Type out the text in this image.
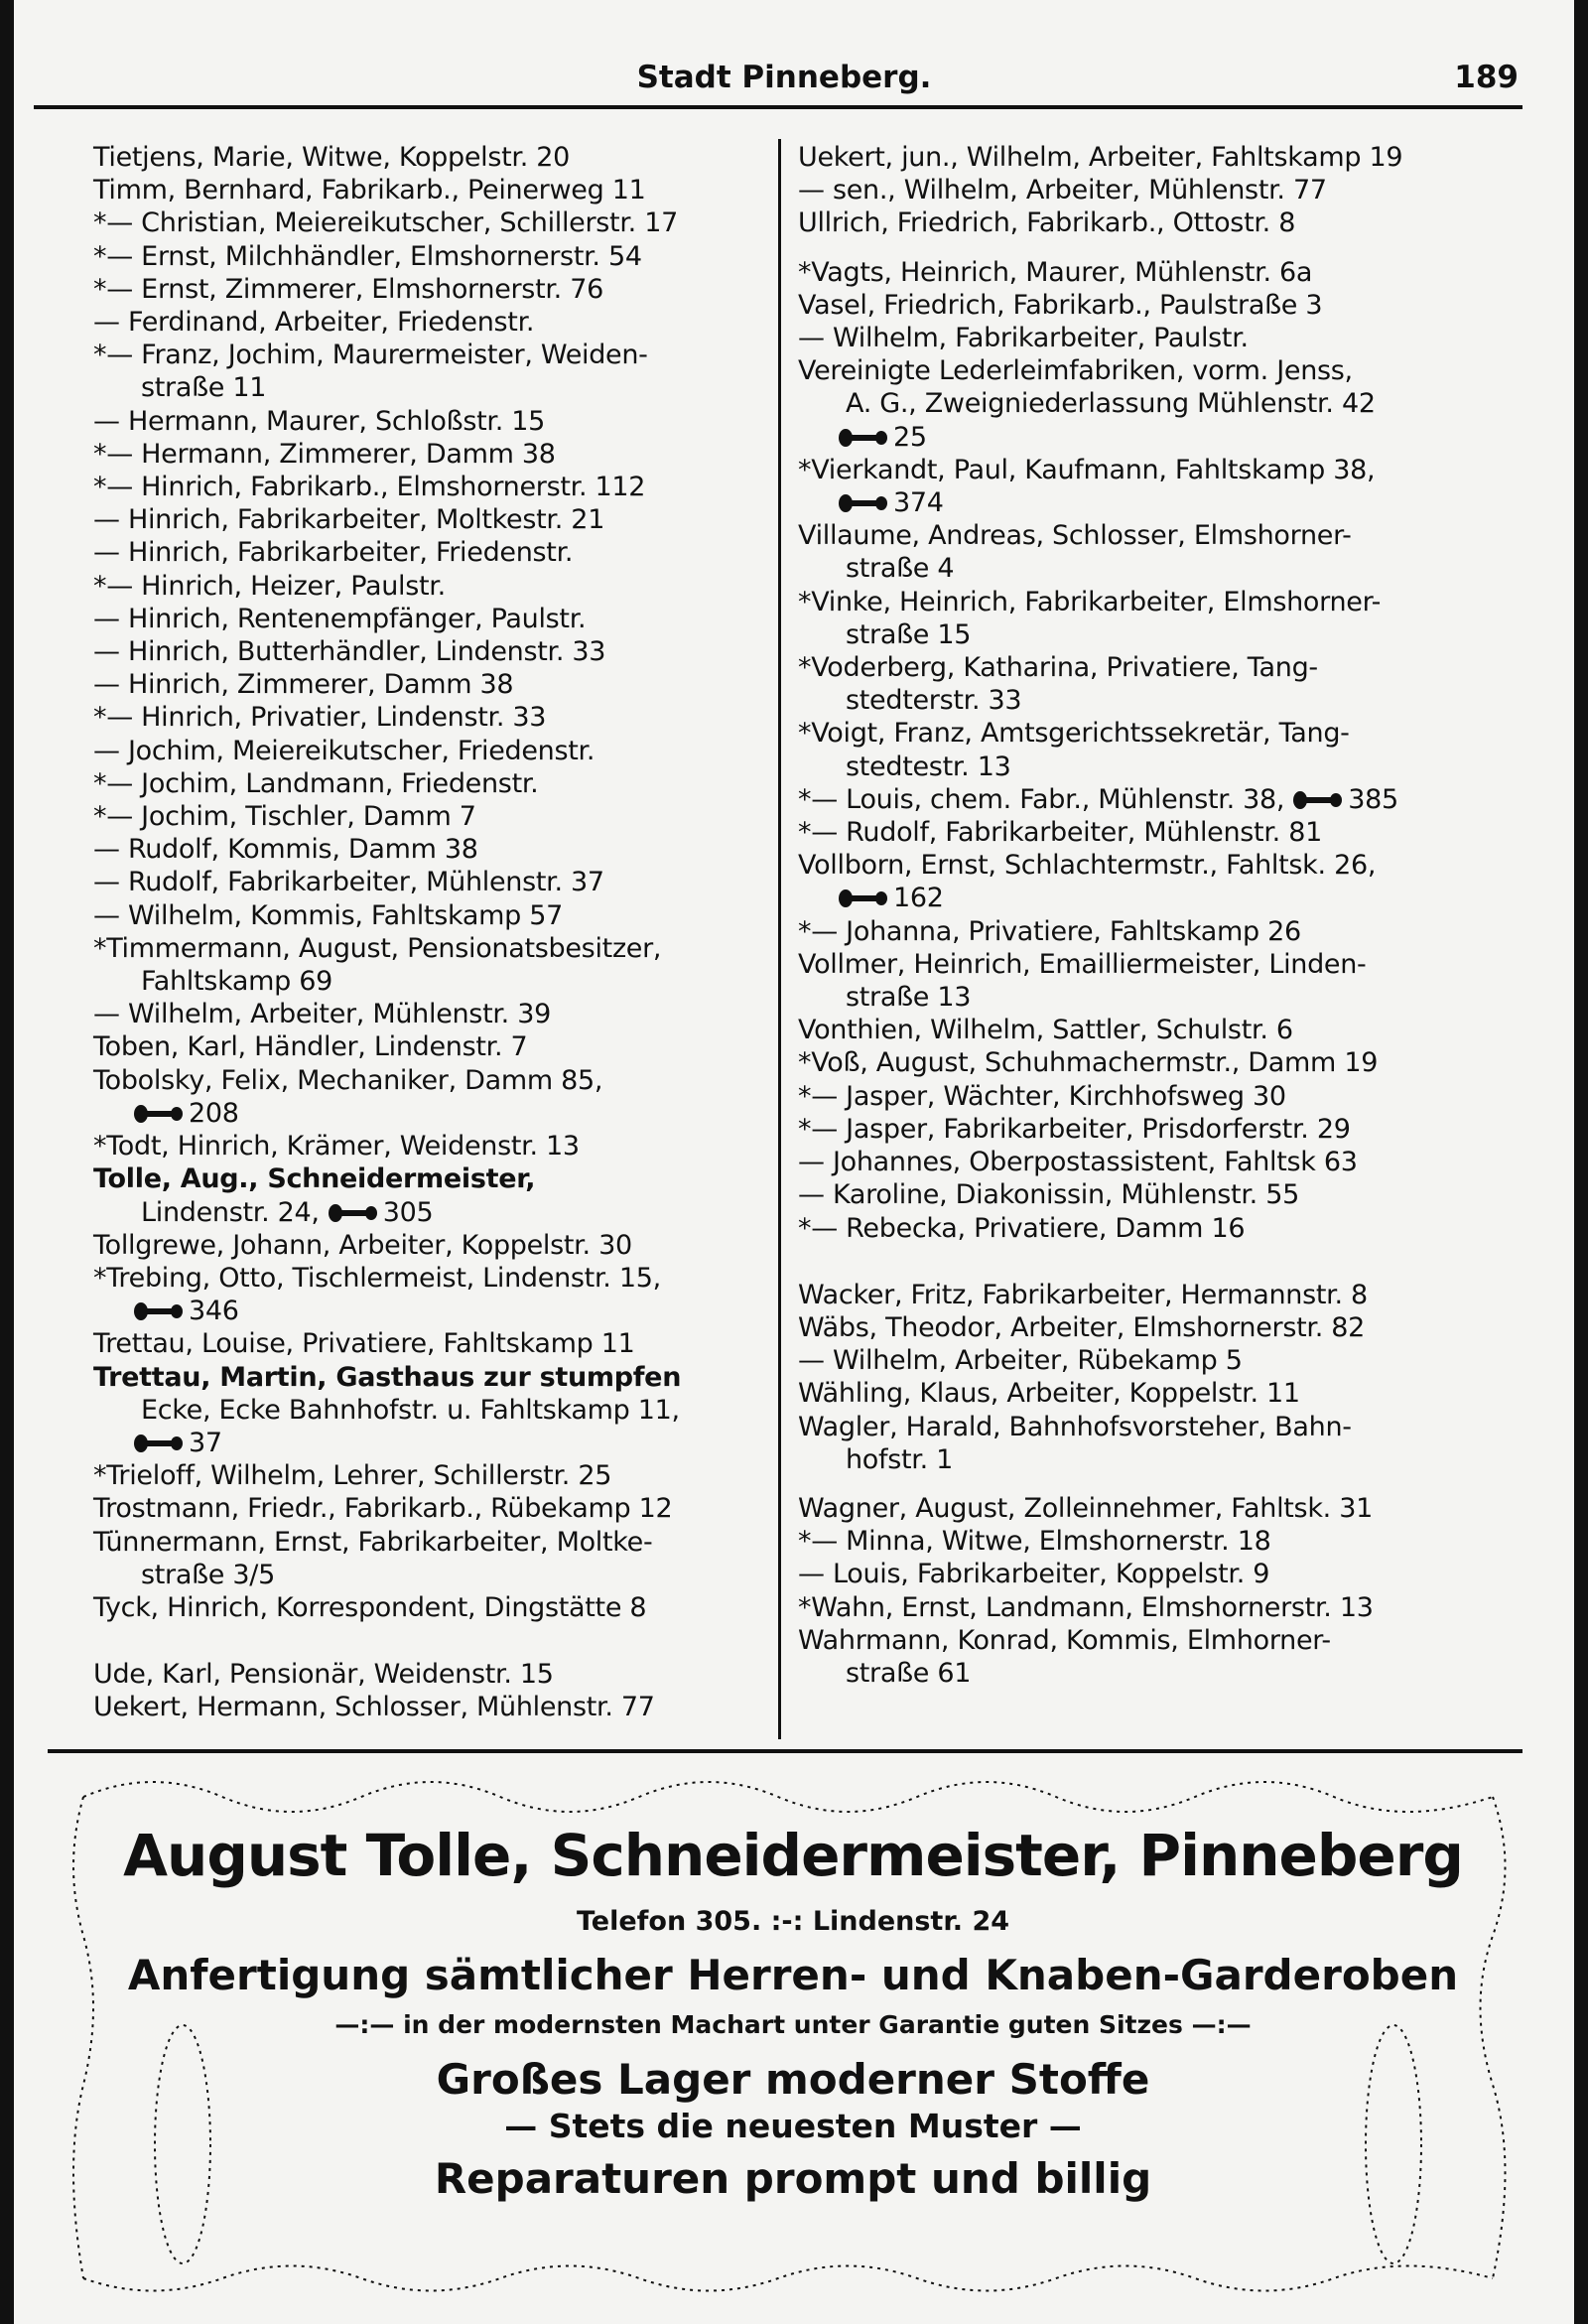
Stadt Pinneberg.	189
Tietjens, Marie, Witwe, Koppelstr. 20
Timm, Bernhard, Fabrikarb., Peinerweg 11
*— Christian, Meiereikutscher, Schillerstr. 17
*— Ernst, Milchhändler, Elmshornerstr. 54
*— Ernst, Zimmerer, Elmshornerstr. 76
— Ferdinand, Arbeiter, Friedenstr.
*— Franz, Jochim, Maurermeister, Weiden-
straße 11
— Hermann, Maurer, Schloßstr. 15
*— Hermann, Zimmerer, Damm 38
*— Hinrich, Fabrikarb., Elmshornerstr. 112
— Hinrich, Fabrikarbeiter, Moltkestr. 21
— Hinrich, Fabrikarbeiter, Friedenstr.
*— Hinrich, Heizer, Paulstr.
— Hinrich, Rentenempfänger, Paulstr.
— Hinrich, Butterhändler, Lindenstr. 33
— Hinrich, Zimmerer, Damm 38
*— Hinrich, Privatier, Lindenstr. 33
— Jochim, Meiereikutscher, Friedenstr.
*— Jochim, Landmann, Friedenstr.
*— Jochim, Tischler, Damm 7
— Rudolf, Kommis, Damm 38
— Rudolf, Fabrikarbeiter, Mühlenstr. 37
— Wilhelm, Kommis, Fahltskamp 57
*Timmermann, August, Pensionatsbesitzer,
Fahltskamp 69
— Wilhelm, Arbeiter, Mühlenstr. 39
Toben, Karl, Händler, Lindenstr. 7
Tobolsky, Felix, Mechaniker, Damm 85,
208
*Todt, Hinrich, Krämer, Weidenstr. 13
Tolle, Aug., Schneidermeister,
Lindenstr. 24, 305
Tollgrewe, Johann, Arbeiter, Koppelstr. 30
*Trebing, Otto, Tischlermeist, Lindenstr. 15,
346
Trettau, Louise, Privatiere, Fahltskamp 11
Trettau, Martin, Gasthaus zur stumpfen
Ecke, Ecke Bahnhofstr. u. Fahltskamp 11,
37
*Trieloff, Wilhelm, Lehrer, Schillerstr. 25
Trostmann, Friedr., Fabrikarb., Rübekamp 12
Tünnermann, Ernst, Fabrikarbeiter, Moltke-
straße 3/5
Tyck, Hinrich, Korrespondent, Dingstätte 8
Ude, Karl, Pensionär, Weidenstr. 15
Uekert, Hermann, Schlosser, Mühlenstr. 77
Uekert, jun., Wilhelm, Arbeiter, Fahltskamp 19
— sen., Wilhelm, Arbeiter, Mühlenstr. 77
Ullrich, Friedrich, Fabrikarb., Ottostr. 8
*Vagts, Heinrich, Maurer, Mühlenstr. 6a
Vasel, Friedrich, Fabrikarb., Paulstraße 3
— Wilhelm, Fabrikarbeiter, Paulstr.
Vereinigte Lederleimfabriken, vorm. Jenss,
A. G., Zweigniederlassung Mühlenstr. 42
25
*Vierkandt, Paul, Kaufmann, Fahltskamp 38,
374
Villaume, Andreas, Schlosser, Elmshorner-
straße 4
*Vinke, Heinrich, Fabrikarbeiter, Elmshorner-
straße 15
*Voderberg, Katharina, Privatiere, Tang-
stedterstr. 33
*Voigt, Franz, Amtsgerichtssekretär, Tang-
stedtestr. 13
*— Louis, chem. Fabr., Mühlenstr. 38, 385
*— Rudolf, Fabrikarbeiter, Mühlenstr. 81
Vollborn, Ernst, Schlachtermstr., Fahltsk. 26,
162
*— Johanna, Privatiere, Fahltskamp 26
Vollmer, Heinrich, Emailliermeister, Linden-
straße 13
Vonthien, Wilhelm, Sattler, Schulstr. 6
*Voß, August, Schuhmachermstr., Damm 19
*— Jasper, Wächter, Kirchhofsweg 30
*— Jasper, Fabrikarbeiter, Prisdorferstr. 29
— Johannes, Oberpostassistent, Fahltsk 63
— Karoline, Diakonissin, Mühlenstr. 55
*— Rebecka, Privatiere, Damm 16
Wacker, Fritz, Fabrikarbeiter, Hermannstr. 8
Wäbs, Theodor, Arbeiter, Elmshornerstr. 82
— Wilhelm, Arbeiter, Rübekamp 5
Wähling, Klaus, Arbeiter, Koppelstr. 11
Wagler, Harald, Bahnhofsvorsteher, Bahn-
hofstr. 1
Wagner, August, Zolleinnehmer, Fahltsk. 31
*— Minna, Witwe, Elmshornerstr. 18
— Louis, Fabrikarbeiter, Koppelstr. 9
*Wahn, Ernst, Landmann, Elmshornerstr. 13
Wahrmann, Konrad, Kommis, Elmhorner-
straße 61
August Tolle, Schneidermeister, Pinneberg
Telefon 305. :-: Lindenstr. 24
Anfertigung sämtlicher Herren- und Knaben-Garderoben
—:— in der modernsten Machart unter Garantie guten Sitzes —:—
Großes Lager moderner Stoffe
— Stets die neuesten Muster —
Reparaturen prompt und billig
